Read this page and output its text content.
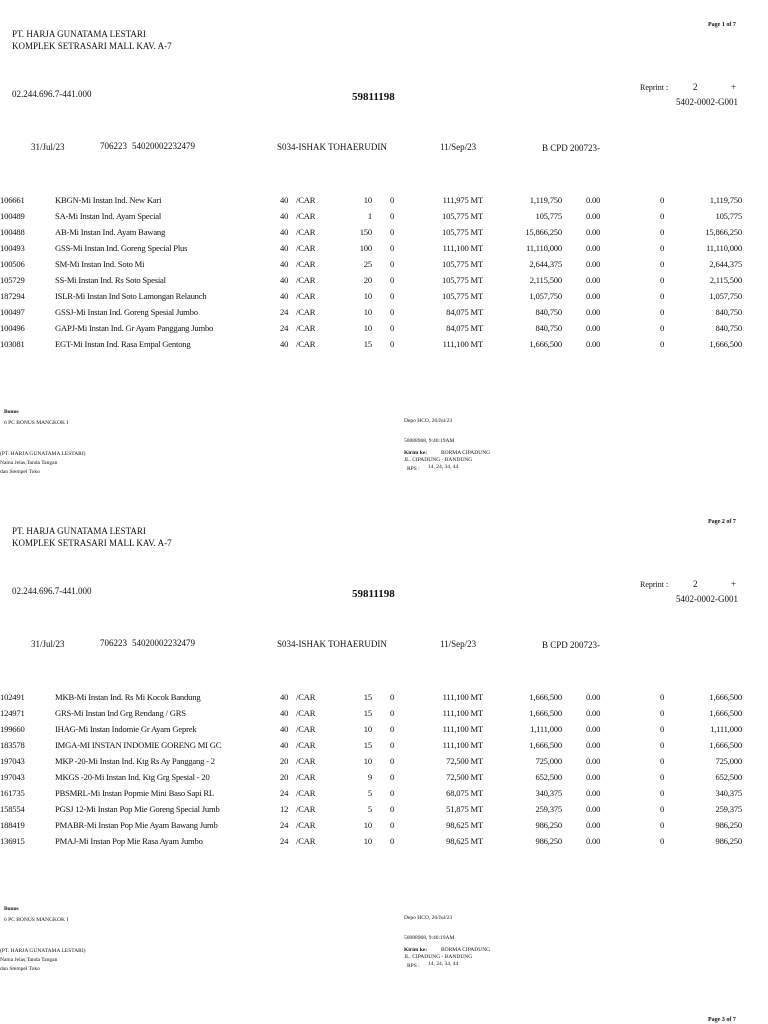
Page 1 of 7
PT. HARJA GUNATAMA LESTARI
KOMPLEK SETRASARI MALL KAV. A-7
02.244.696.7-441.000	59811198
Reprint :	2	+
5402-0002-G001
31/Jul/23	706223 54020002232479	S034-ISHAK TOHAERUDIN	11/Sep/23	B CPD 200723-
106661	KBGN-Mi Instan Ind. New Kari	40 /CAR	10 0	111,975 MT	1,119,750	0.00	0	1,119,750
100489	SA-Mi Instan Ind. Ayam Special	40 /CAR	1 0	105,775 MT	105,775	0.00	0	105,775
100488	AB-Mi Instan Ind. Ayam Bawang	40 /CAR	150 0	105,775 MT	15,866,250	0.00	0	15,866,250
100493	GSS-Mi Instan Ind. Goreng Special Plus	40 /CAR	100 0	111,100 MT	11,110,000	0.00	0	11,110,000
100506	SM-Mi Instan Ind. Soto Mi	40 /CAR	25 0	105,775 MT	2,644,375	0.00	0	2,644,375
105729	SS-Mi Instan Ind. Rs Soto Spesial	40 /CAR	20 0	105,775 MT	2,115,500	0.00	0	2,115,500
187294	ISLR-Mi Instan Ind Soto Lamongan Relaunch	40 /CAR	10 0	105,775 MT	1,057,750	0.00	0	1,057,750
100497	GSSJ-Mi Instan Ind. Goreng Spesial Jumbo	24 /CAR	10 0	84,075 MT	840,750	0.00	0	840,750
100496	GAPJ-Mi Instan Ind. Gr Ayam Panggang Jumbo	24 /CAR	10 0	84,075 MT	840,750	0.00	0	840,750
103081	EGT-Mi Instan Ind. Rasa Empal Gentong	40 /CAR	15 0	111,100 MT	1,666,500	0.00	0	1,666,500
Bonus
6 PC BONUS MANGKOK I
(PT. HARJA GUNATAMA LESTARI)
Nama Jelas,Tanda Tangan
dan Stempel Toko
Depo HCO, 26/Jul/23
50088968, 9:46:19AM
Kirim ke:	BORMA CIPADUNG
JL. CIPADUNG - BANDUNG
RPS : 14, 24, 34, 44
Page 2 of 7
PT. HARJA GUNATAMA LESTARI
KOMPLEK SETRASARI MALL KAV. A-7
02.244.696.7-441.000	59811198
Reprint :	2	+
5402-0002-G001
31/Jul/23	706223 54020002232479	S034-ISHAK TOHAERUDIN	11/Sep/23	B CPD 200723-
102491	MKB-Mi Instan Ind. Rs Mi Kocok Bandung	40 /CAR	15 0	111,100 MT	1,666,500	0.00	0	1,666,500
124971	GRS-Mi Instan Ind Grg Rendang / GRS	40 /CAR	15 0	111,100 MT	1,666,500	0.00	0	1,666,500
199660	IHAG-Mi Instan Indomie Gr Ayam Geprek	40 /CAR	10 0	111,100 MT	1,111,000	0.00	0	1,111,000
183578	IMGA-MI INSTAN INDOMIE GORENG MI GC	40 /CAR	15 0	111,100 MT	1,666,500	0.00	0	1,666,500
197043	MKP -20-Mi Instan Ind. Ktg Rs Ay Panggang - 2	20 /CAR	10 0	72,500 MT	725,000	0.00	0	725,000
197043	MKGS -20-Mi Instan Ind. Ktg Grg Spesial - 20	20 /CAR	9 0	72,500 MT	652,500	0.00	0	652,500
161735	PBSMRL-Mi Instan Popmie Mini Baso Sapi RL	24 /CAR	5 0	68,075 MT	340,375	0.00	0	340,375
158554	PGSJ 12-Mi Instan Pop Mie Goreng Special Jumb	12 /CAR	5 0	51,875 MT	259,375	0.00	0	259,375
188419	PMABR-Mi Instan Pop Mie Ayam Bawang Jumb	24 /CAR	10 0	98,625 MT	986,250	0.00	0	986,250
136915	PMAJ-Mi Instan Pop Mie Rasa Ayam Jumbo	24 /CAR	10 0	98,625 MT	986,250	0.00	0	986,250
Bonus
6 PC BONUS MANGKOK I
(PT. HARJA GUNATAMA LESTARI)
Nama Jelas,Tanda Tangan
dan Stempel Toko
Depo HCO, 26/Jul/23
50088968, 9:46:19AM
Kirim ke:	BORMA CIPADUNG
JL. CIPADUNG - BANDUNG
RPS : 14, 24, 34, 44
Page 3 of 7
